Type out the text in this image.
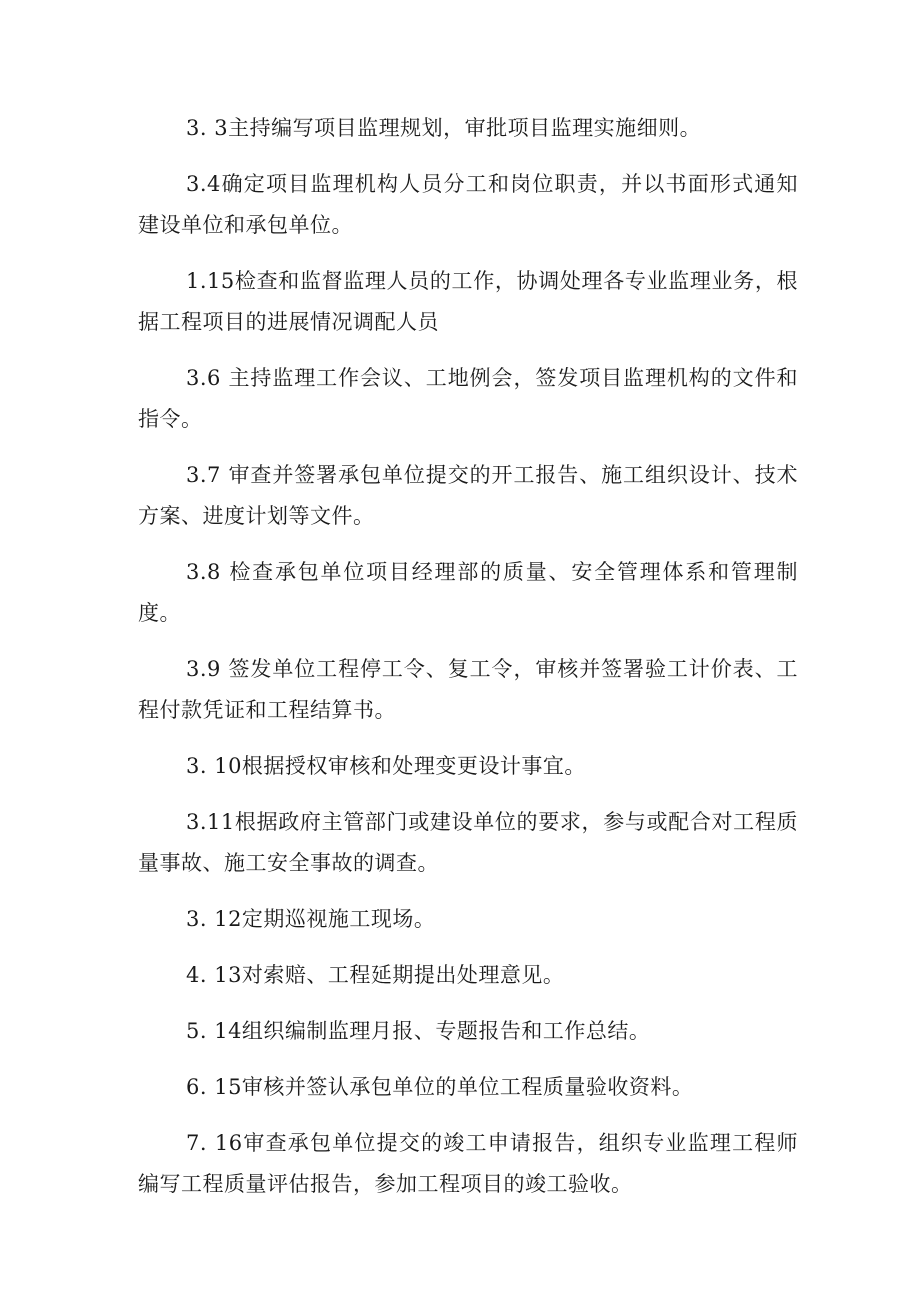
3. 3主持编写项目监理规划，审批项目监理实施细则。

3.4确定项目监理机构人员分工和岗位职责，并以书面形式通知建设单位和承包单位。

1.15检查和监督监理人员的工作，协调处理各专业监理业务，根据工程项目的进展情况调配人员

3.6 主持监理工作会议、工地例会，签发项目监理机构的文件和指令。

3.7 审查并签署承包单位提交的开工报告、施工组织设计、技术方案、进度计划等文件。

3.8 检查承包单位项目经理部的质量、安全管理体系和管理制度。

3.9 签发单位工程停工令、复工令，审核并签署验工计价表、工程付款凭证和工程结算书。

3. 10根据授权审核和处理变更设计事宜。

3.11根据政府主管部门或建设单位的要求，参与或配合对工程质量事故、施工安全事故的调查。

3. 12定期巡视施工现场。

4. 13对索赔、工程延期提出处理意见。

5. 14组织编制监理月报、专题报告和工作总结。

6. 15审核并签认承包单位的单位工程质量验收资料。

7. 16审查承包单位提交的竣工申请报告，组织专业监理工程师编写工程质量评估报告，参加工程项目的竣工验收。
